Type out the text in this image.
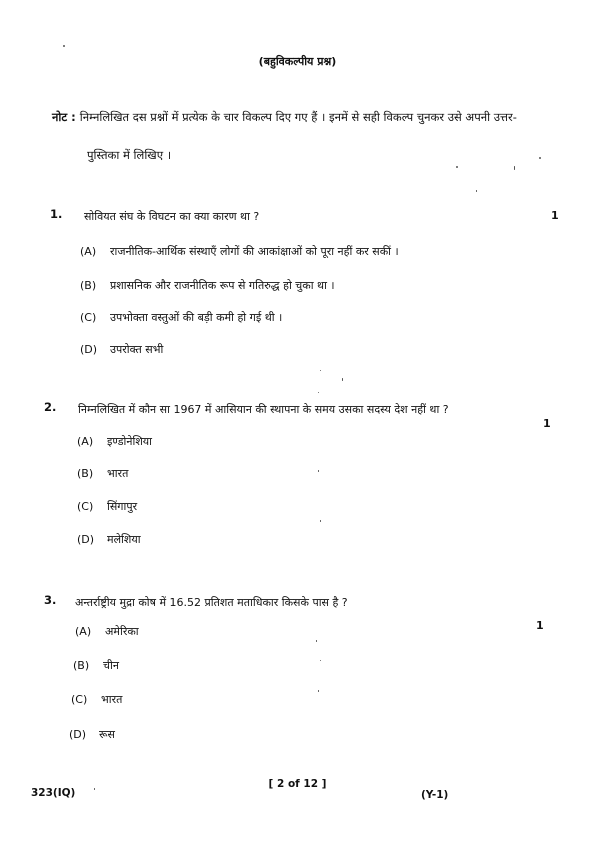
(बहुविकल्पीय प्रश्न)
नोट : निम्नलिखित दस प्रश्नों में प्रत्येक के चार विकल्प दिए गए हैं । इनमें से सही विकल्प चुनकर उसे अपनी उत्तर-
पुस्तिका में लिखिए ।
1. सोवियत संघ के विघटन का क्या कारण था ?	1
(A) राजनीतिक-आर्थिक संस्थाएँ लोगों की आकांक्षाओं को पूरा नहीं कर सकीं ।
(B) प्रशासनिक और राजनीतिक रूप से गतिरुद्ध हो चुका था ।
(C) उपभोक्ता वस्तुओं की बड़ी कमी हो गई थी ।
(D) उपरोक्त सभी
2. निम्नलिखित में कौन सा 1967 में आसियान की स्थापना के समय उसका सदस्य देश नहीं था ?
1
(A) इण्डोनेशिया
(B) भारत
(C) सिंगापुर
(D) मलेशिया
3. अन्तर्राष्ट्रीय मुद्रा कोष में 16.52 प्रतिशत मताधिकार किसके पास है ?
1
(A) अमेरिका
(B) चीन
(C) भारत
(D) रूस
323(IQ)
[ 2 of 12 ]
(Y-1)
